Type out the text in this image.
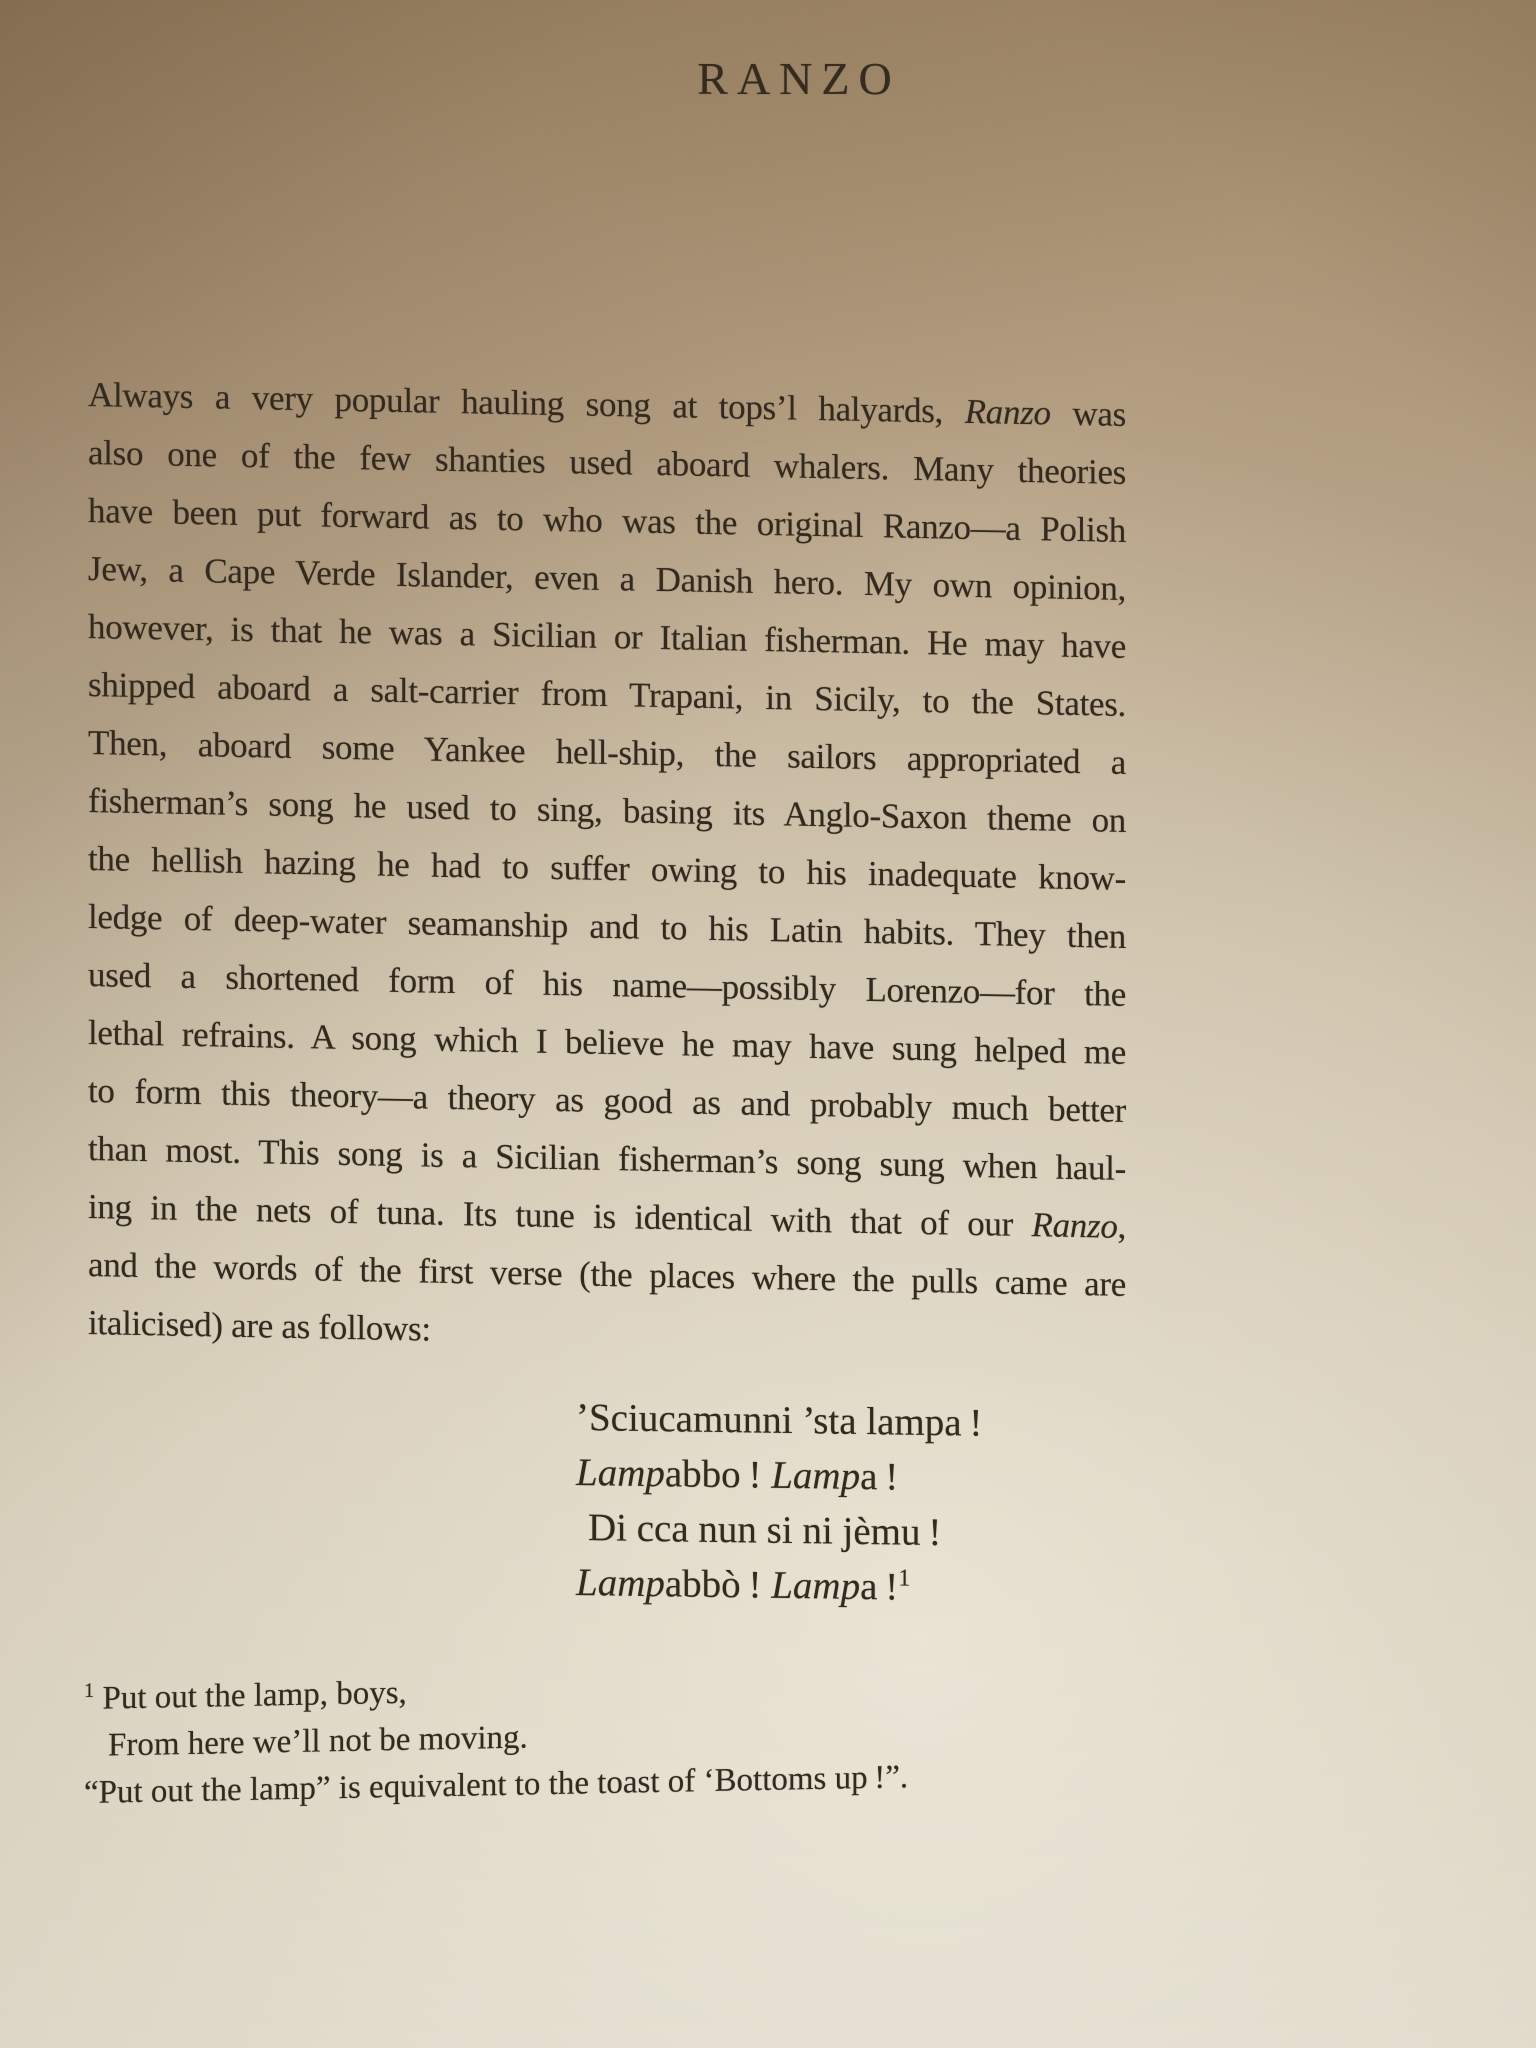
RANZO
Always a very popular hauling song at tops’l halyards, Ranzo was
also one of the few shanties used aboard whalers. Many theories
have been put forward as to who was the original Ranzo—a Polish
Jew, a Cape Verde Islander, even a Danish hero. My own opinion,
however, is that he was a Sicilian or Italian fisherman. He may have
shipped aboard a salt-carrier from Trapani, in Sicily, to the States.
Then, aboard some Yankee hell-ship, the sailors appropriated a
fisherman’s song he used to sing, basing its Anglo-Saxon theme on
the hellish hazing he had to suffer owing to his inadequate know-
ledge of deep-water seamanship and to his Latin habits. They then
used a shortened form of his name—possibly Lorenzo—for the
lethal refrains. A song which I believe he may have sung helped me
to form this theory—a theory as good as and probably much better
than most. This song is a Sicilian fisherman’s song sung when haul-
ing in the nets of tuna. Its tune is identical with that of our Ranzo,
and the words of the first verse (the places where the pulls came are
italicised) are as follows:
’Sciucamunni ’sta lampa !
Lampabbo ! Lampa !
Di cca nun si ni jèmu !
Lampabbò ! Lampa !$^1$
$^1$ Put out the lamp, boys,
From here we’ll not be moving.
“Put out the lamp” is equivalent to the toast of ‘Bottoms up !”.
